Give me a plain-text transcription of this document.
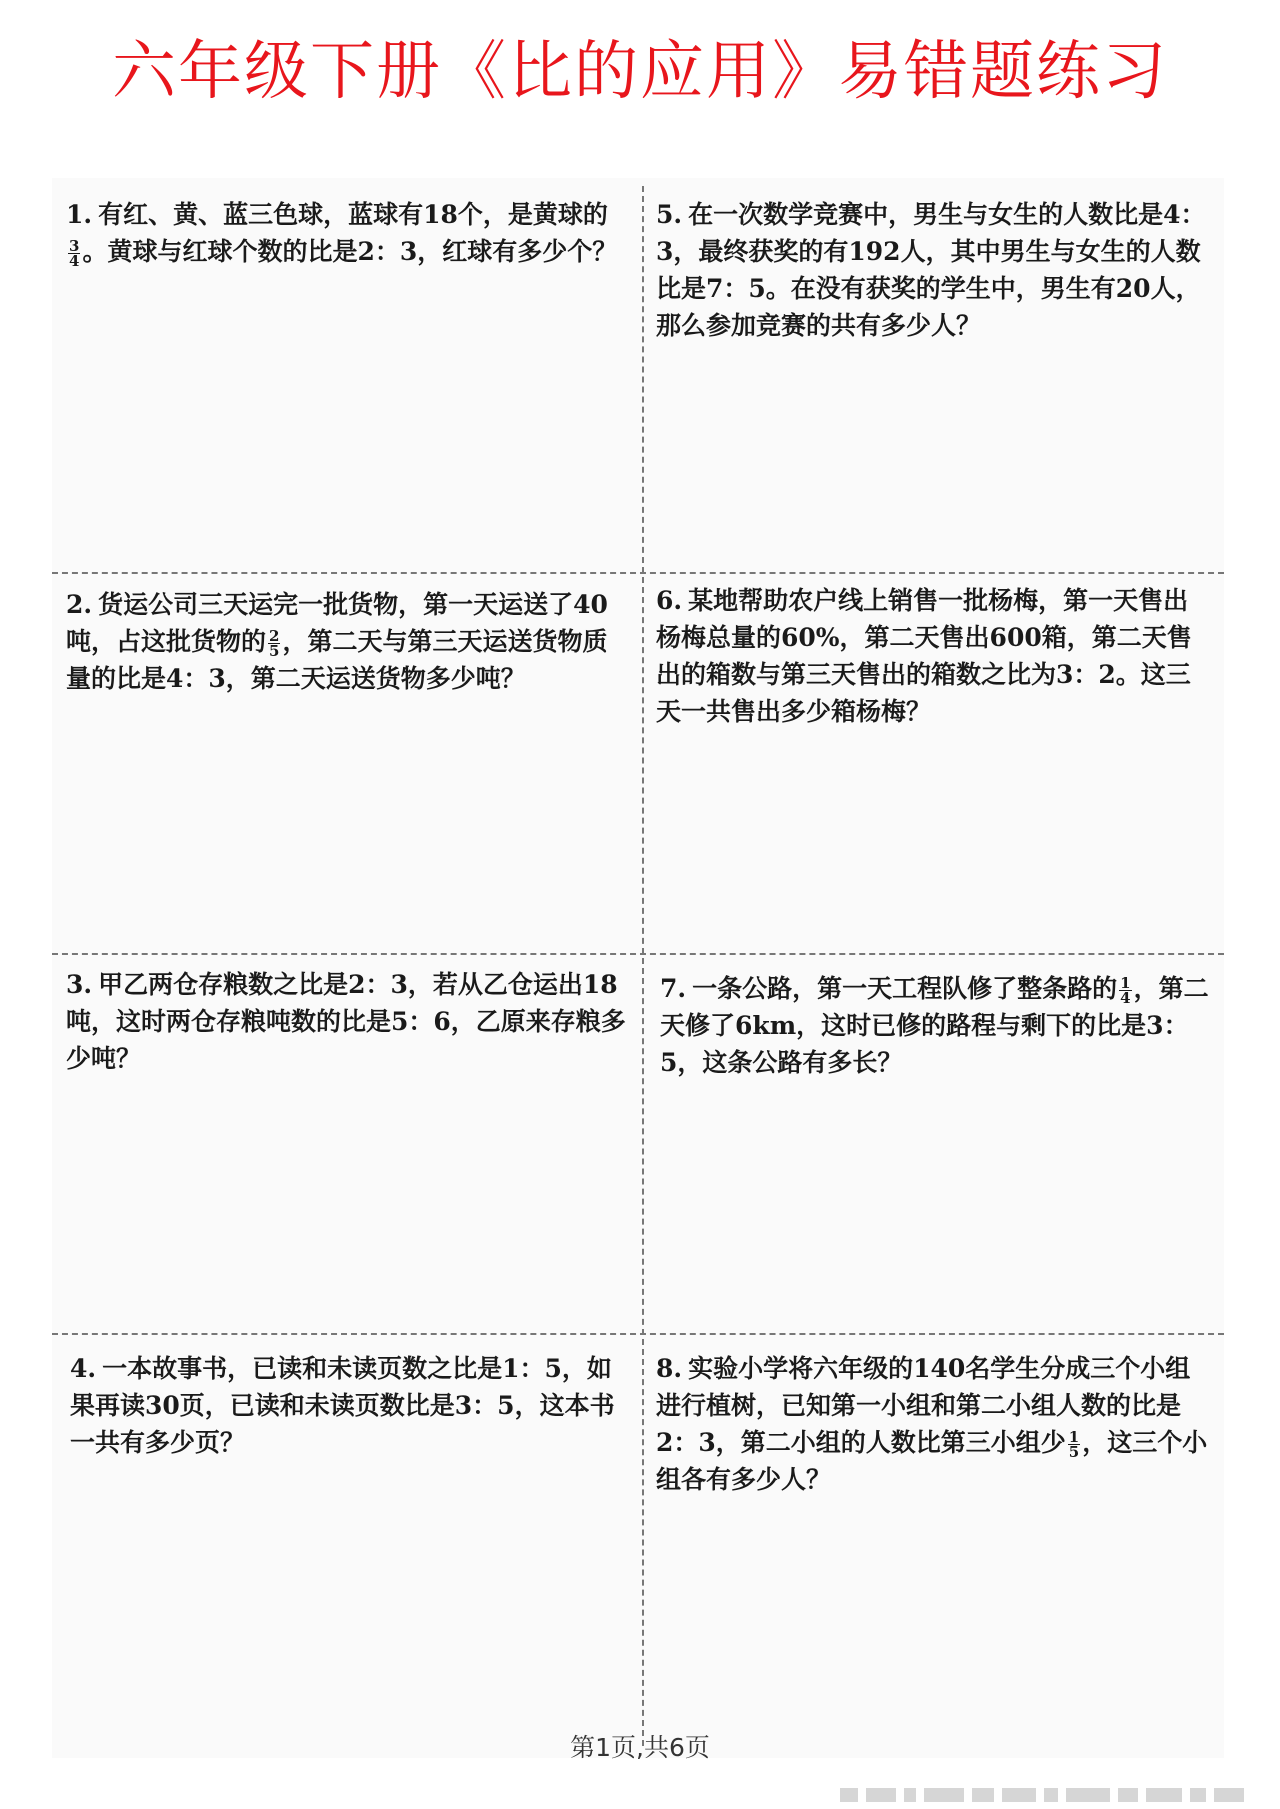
六年级下册《比的应用》易错题练习
1. 有红、黄、蓝三色球，蓝球有18个，是黄球的
$\frac{3}{4}$ 。黄球与红球个数的比是2：3，红球有多少个？
2. 货运公司三天运完一批货物，第一天运送了40吨，占这批货物的 $\frac{2}{5}$ ，第二天与第三天运送货物质量的比是4：3，第二天运送货物多少吨？
3. 甲乙两仓存粮数之比是2：3，若从乙仓运出18吨，这时两仓存粮吨数的比是5：6，乙原来存粮多少吨？
4. 一本故事书，已读和未读页数之比是1：5，如果再读30页，已读和未读页数比是3：5，这本书一共有多少页？
5. 在一次数学竞赛中，男生与女生的人数比是4：3，最终获奖的有192人，其中男生与女生的人数比是7：5。在没有获奖的学生中，男生有20人，那么参加竞赛的共有多少人？
6. 某地帮助农户线上销售一批杨梅，第一天售出杨梅总量的60%，第二天售出600箱，第二天售出的箱数与第三天售出的箱数之比为3：2。这三天一共售出多少箱杨梅？
7. 一条公路，第一天工程队修了整条路的 $\frac{1}{4}$ ，第二天修了6km，这时已修的路程与剩下的比是3：5，这条公路有多长？
8. 实验小学将六年级的140名学生分成三个小组进行植树，已知第一小组和第二小组人数的比是2：3，第二小组的人数比第三小组少 $\frac{1}{5}$ ，这三个小组各有多少人？
第1页,共6页
